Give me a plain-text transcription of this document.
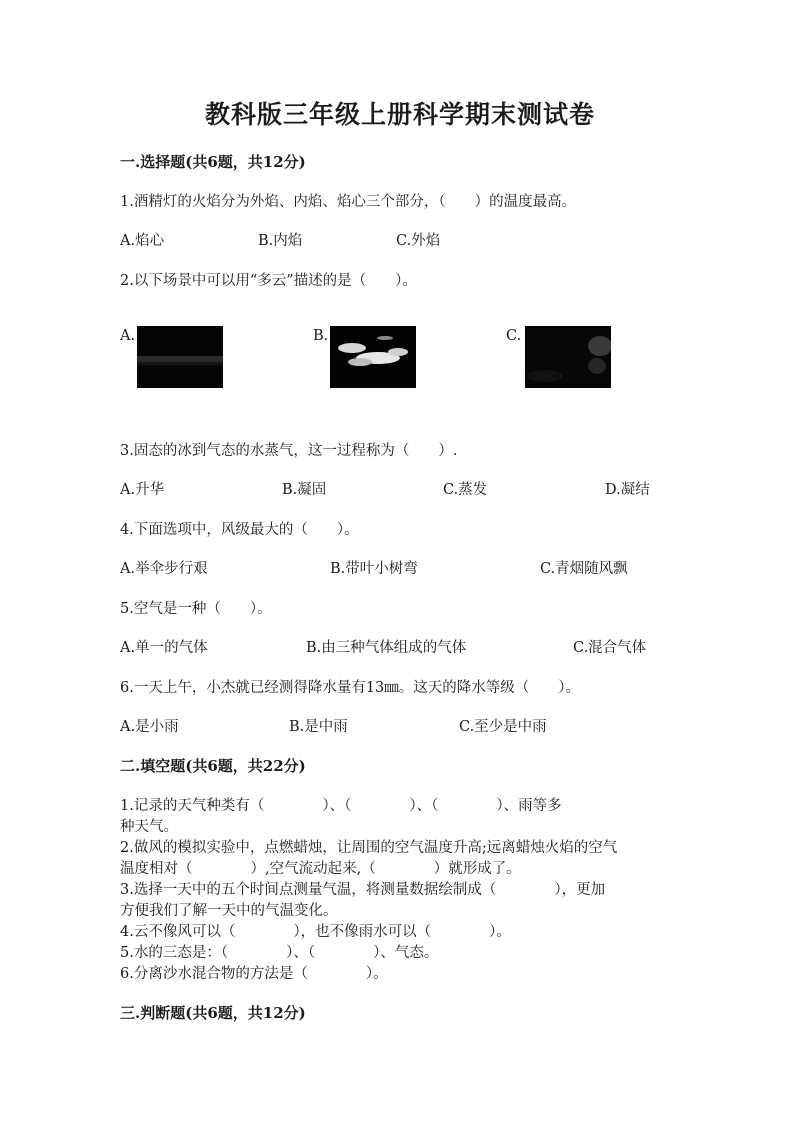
教科版三年级上册科学期末测试卷
一.选择题(共6题，共12分)
1.酒精灯的火焰分为外焰、内焰、焰心三个部分，（　　）的温度最高。
A.焰心	B.内焰	C.外焰
2.以下场景中可以用“多云”描述的是（　　）。
A.	B.	C.
3.固态的冰到气态的水蒸气，这一过程称为（　　）.
A.升华	B.凝固	C.蒸发	D.凝结
4.下面选项中，风级最大的（　　）。
A.举伞步行艰	B.带叶小树弯	C.青烟随风飘
5.空气是一种（　　）。
A.单一的气体	B.由三种气体组成的气体	C.混合气体
6.一天上午，小杰就已经测得降水量有13㎜。这天的降水等级（　　）。
A.是小雨	B.是中雨	C.至少是中雨
二.填空题(共6题，共22分)
1.记录的天气种类有（　　　　）、（　　　　）、（　　　　）、雨等多
种天气。
2.做风的模拟实验中，点燃蜡烛，让周围的空气温度升高;远离蜡烛火焰的空气
温度相对（　　　　）,空气流动起来,（　　　　）就形成了。
3.选择一天中的五个时间点测量气温，将测量数据绘制成（　　　　），更加
方便我们了解一天中的气温变化。
4.云不像风可以（　　　　），也不像雨水可以（　　　　）。
5.水的三态是：（　　　　）、（　　　　）、气态。
6.分离沙水混合物的方法是（　　　　）。
三.判断题(共6题，共12分)
